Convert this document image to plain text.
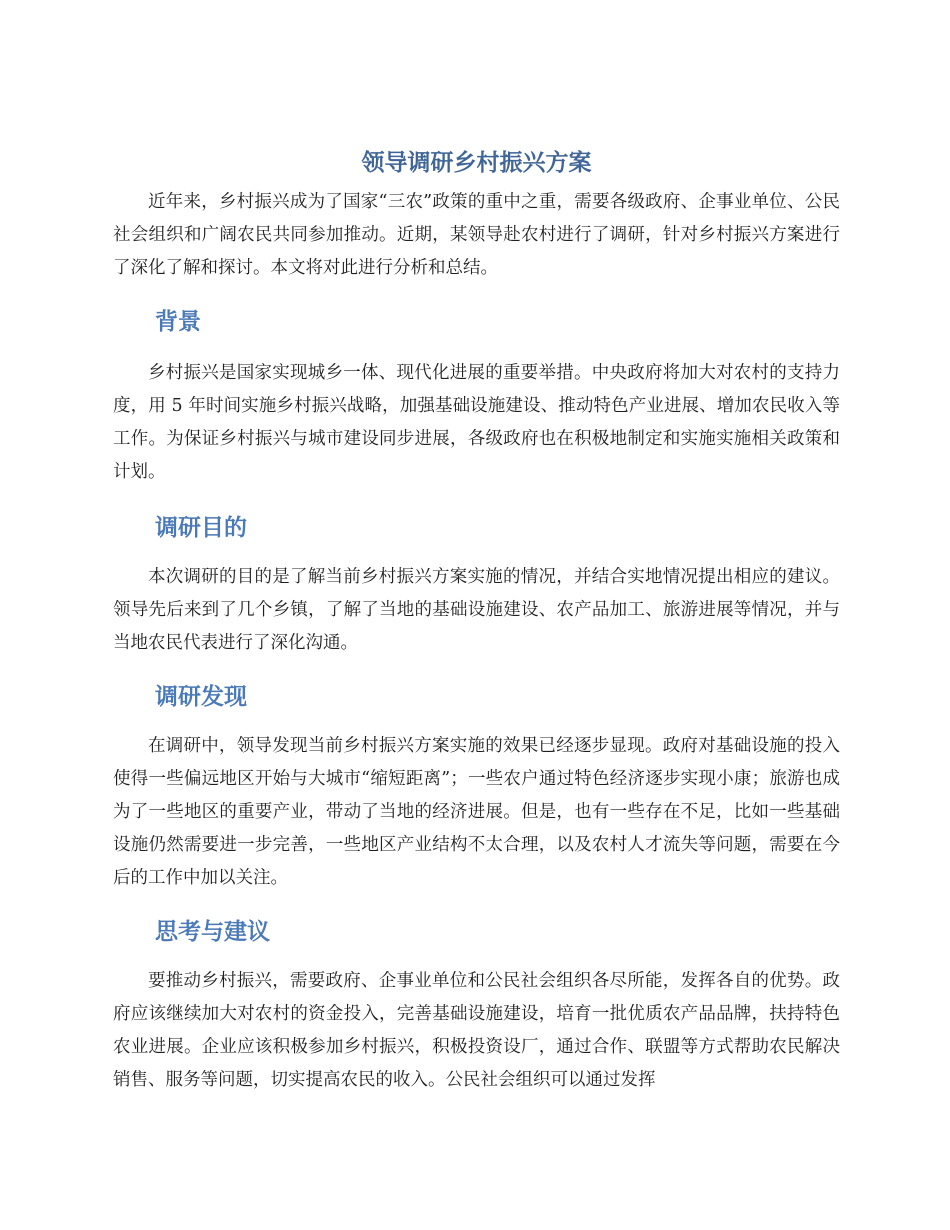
领导调研乡村振兴方案

近年来，乡村振兴成为了国家“三农”政策的重中之重，需要各级政府、企事业单位、公民社会组织和广阔农民共同参加推动。近期，某领导赴农村进行了调研，针对乡村振兴方案进行了深化了解和探讨。本文将对此进行分析和总结。

背景

乡村振兴是国家实现城乡一体、现代化进展的重要举措。中央政府将加大对农村的支持力度，用 5 年时间实施乡村振兴战略，加强基础设施建设、推动特色产业进展、增加农民收入等工作。为保证乡村振兴与城市建设同步进展，各级政府也在积极地制定和实施实施相关政策和计划。

调研目的

本次调研的目的是了解当前乡村振兴方案实施的情况，并结合实地情况提出相应的建议。领导先后来到了几个乡镇，了解了当地的基础设施建设、农产品加工、旅游进展等情况，并与当地农民代表进行了深化沟通。

调研发现

在调研中，领导发现当前乡村振兴方案实施的效果已经逐步显现。政府对基础设施的投入使得一些偏远地区开始与大城市“缩短距离”；一些农户通过特色经济逐步实现小康；旅游也成为了一些地区的重要产业，带动了当地的经济进展。但是，也有一些存在不足，比如一些基础设施仍然需要进一步完善，一些地区产业结构不太合理，以及农村人才流失等问题，需要在今后的工作中加以关注。

思考与建议

要推动乡村振兴，需要政府、企事业单位和公民社会组织各尽所能，发挥各自的优势。政府应该继续加大对农村的资金投入，完善基础设施建设，培育一批优质农产品品牌，扶持特色农业进展。企业应该积极参加乡村振兴，积极投资设厂，通过合作、联盟等方式帮助农民解决销售、服务等问题，切实提高农民的收入。公民社会组织可以通过发挥
